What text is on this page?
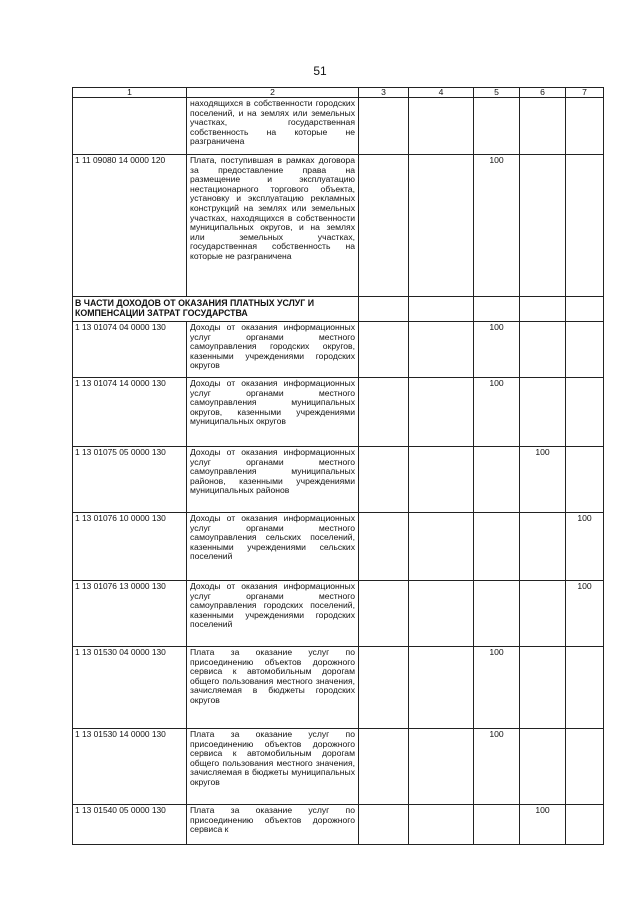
51
1	2	3	4	5	6	7
	находящихся в собственности городских поселений, и на землях или земельных участках, государственная собственность на которые не разграничена					
1 11 09080 14 0000 120	Плата, поступившая в рамках договора за предоставление права на размещение и эксплуатацию нестационарного торгового объекта, установку и эксплуатацию рекламных конструкций на землях или земельных участках, находящихся в собственности муниципальных округов, и на землях или земельных участках, государственная собственность на которые не разграничена			100		
В ЧАСТИ ДОХОДОВ ОТ ОКАЗАНИЯ ПЛАТНЫХ УСЛУГ И КОМПЕНСАЦИИ ЗАТРАТ ГОСУДАРСТВА						
1 13 01074 04 0000 130	Доходы от оказания информационных услуг органами местного самоуправления городских округов, казенными учреждениями городских округов			100		
1 13 01074 14 0000 130	Доходы от оказания информационных услуг органами местного самоуправления муниципальных округов, казенными учреждениями муниципальных округов			100		
1 13 01075 05 0000 130	Доходы от оказания информационных услуг органами местного самоуправления муниципальных районов, казенными учреждениями муниципальных районов				100	
1 13 01076 10 0000 130	Доходы от оказания информационных услуг органами местного самоуправления сельских поселений, казенными учреждениями сельских поселений					100
1 13 01076 13 0000 130	Доходы от оказания информационных услуг органами местного самоуправления городских поселений, казенными учреждениями городских поселений					100
1 13 01530 04 0000 130	Плата за оказание услуг по присоединению объектов дорожного сервиса к автомобильным дорогам общего пользования местного значения, зачисляемая в бюджеты городских округов			100		
1 13 01530 14 0000 130	Плата за оказание услуг по присоединению объектов дорожного сервиса к автомобильным дорогам общего пользования местного значения, зачисляемая в бюджеты муниципальных округов			100		
1 13 01540 05 0000 130	Плата за оказание услуг по присоединению объектов дорожного сервиса к				100	
